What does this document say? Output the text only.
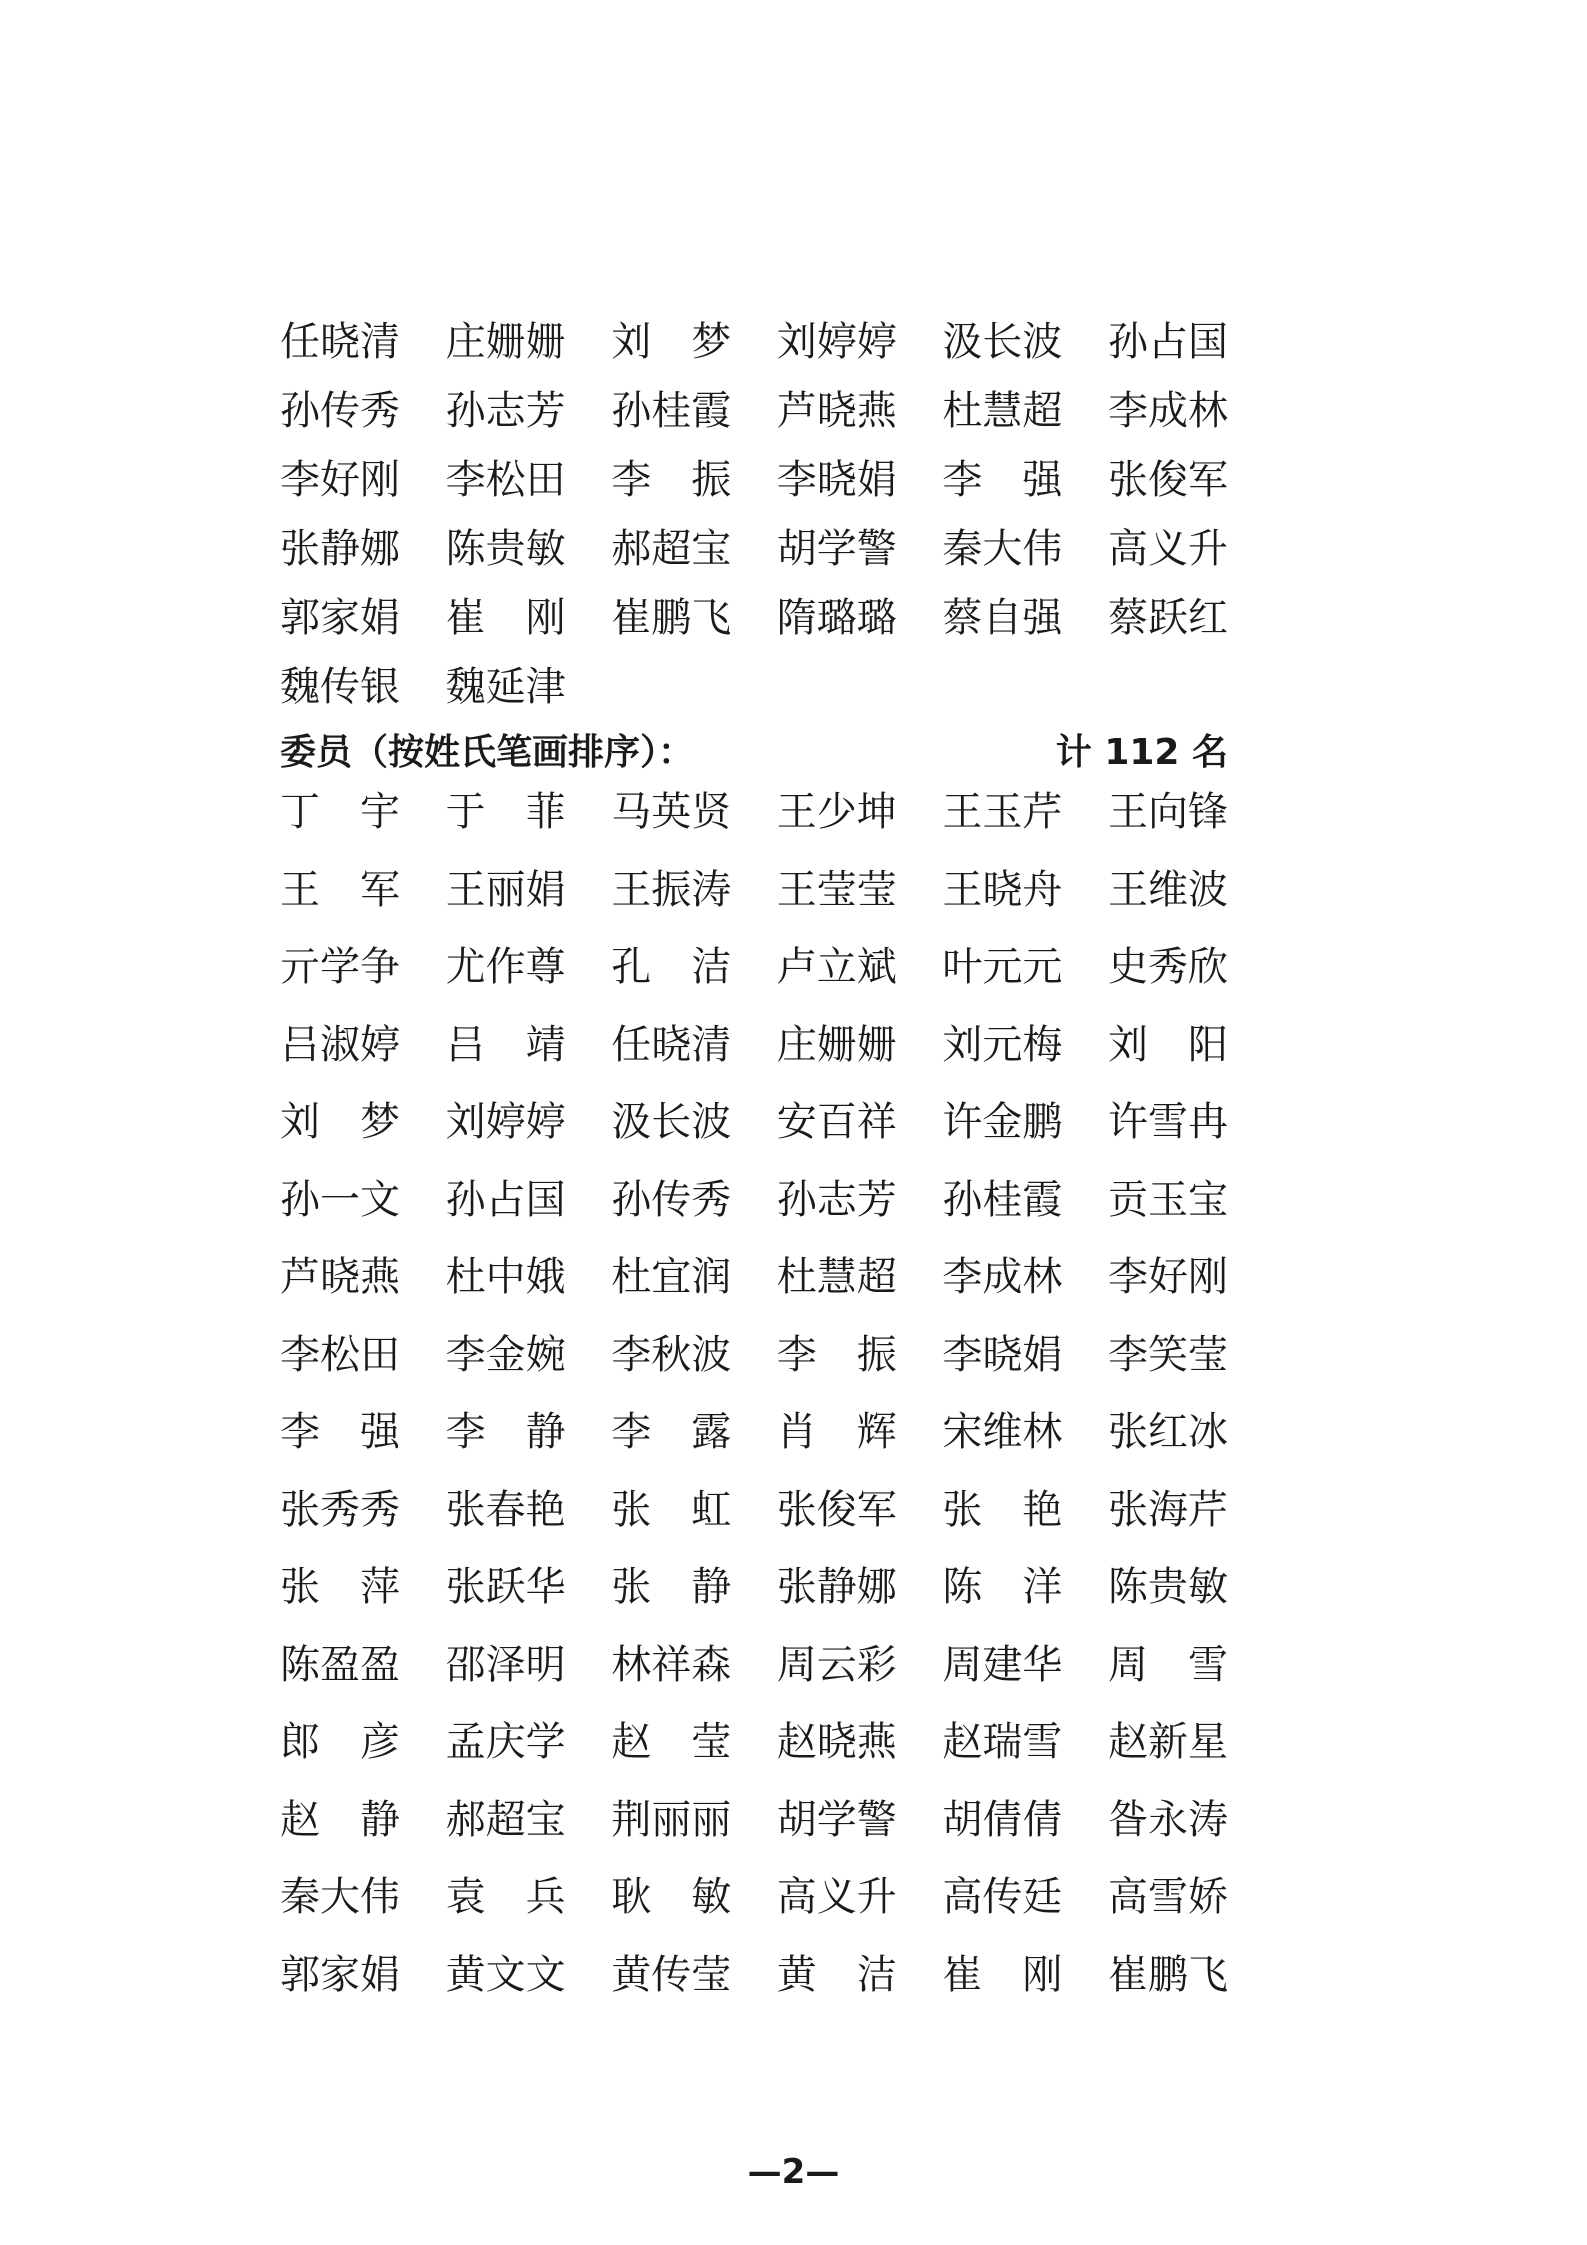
任 晓 清 庄 姗 姗 刘 梦 刘 婷 婷 汲 长 波 孙 占 国
孙 传 秀 孙 志 芳 孙 桂 霞 芦 晓 燕 杜 慧 超 李 成 林
李 好 刚 李 松 田 李 振 李 晓 娟 李 强 张 俊 军
张 静 娜 陈 贵 敏 郝 超 宝 胡 学 警 秦 大 伟 高 义 升
郭 家 娟 崔 刚 崔 鹏 飞 隋 璐 璐 蔡 自 强 蔡 跃 红
魏 传 银 魏 延 津
委员（按姓氏笔画排序）：	计 112 名
丁 宇 于 菲 马 英 贤 王 少 坤 王 玉 芹 王 向 锋
王 军 王 丽 娟 王 振 涛 王 莹 莹 王 晓 舟 王 维 波
亓 学 争 尤 作 尊 孔 洁 卢 立 斌 叶 元 元 史 秀 欣
吕 淑 婷 吕 靖 任 晓 清 庄 姗 姗 刘 元 梅 刘 阳
刘 梦 刘 婷 婷 汲 长 波 安 百 祥 许 金 鹏 许 雪 冉
孙 一 文 孙 占 国 孙 传 秀 孙 志 芳 孙 桂 霞 贡 玉 宝
芦 晓 燕 杜 中 娥 杜 宜 润 杜 慧 超 李 成 林 李 好 刚
李 松 田 李 金 婉 李 秋 波 李 振 李 晓 娟 李 笑 莹
李 强 李 静 李 露 肖 辉 宋 维 林 张 红 冰
张 秀 秀 张 春 艳 张 虹 张 俊 军 张 艳 张 海 芹
张 萍 张 跃 华 张 静 张 静 娜 陈 洋 陈 贵 敏
陈 盈 盈 邵 泽 明 林 祥 森 周 云 彩 周 建 华 周 雪
郎 彦 孟 庆 学 赵 莹 赵 晓 燕 赵 瑞 雪 赵 新 星
赵 静 郝 超 宝 荆 丽 丽 胡 学 警 胡 倩 倩 昝 永 涛
秦 大 伟 袁 兵 耿 敏 高 义 升 高 传 廷 高 雪 娇
郭 家 娟 黄 文 文 黄 传 莹 黄 洁 崔 刚 崔 鹏 飞
—2—
